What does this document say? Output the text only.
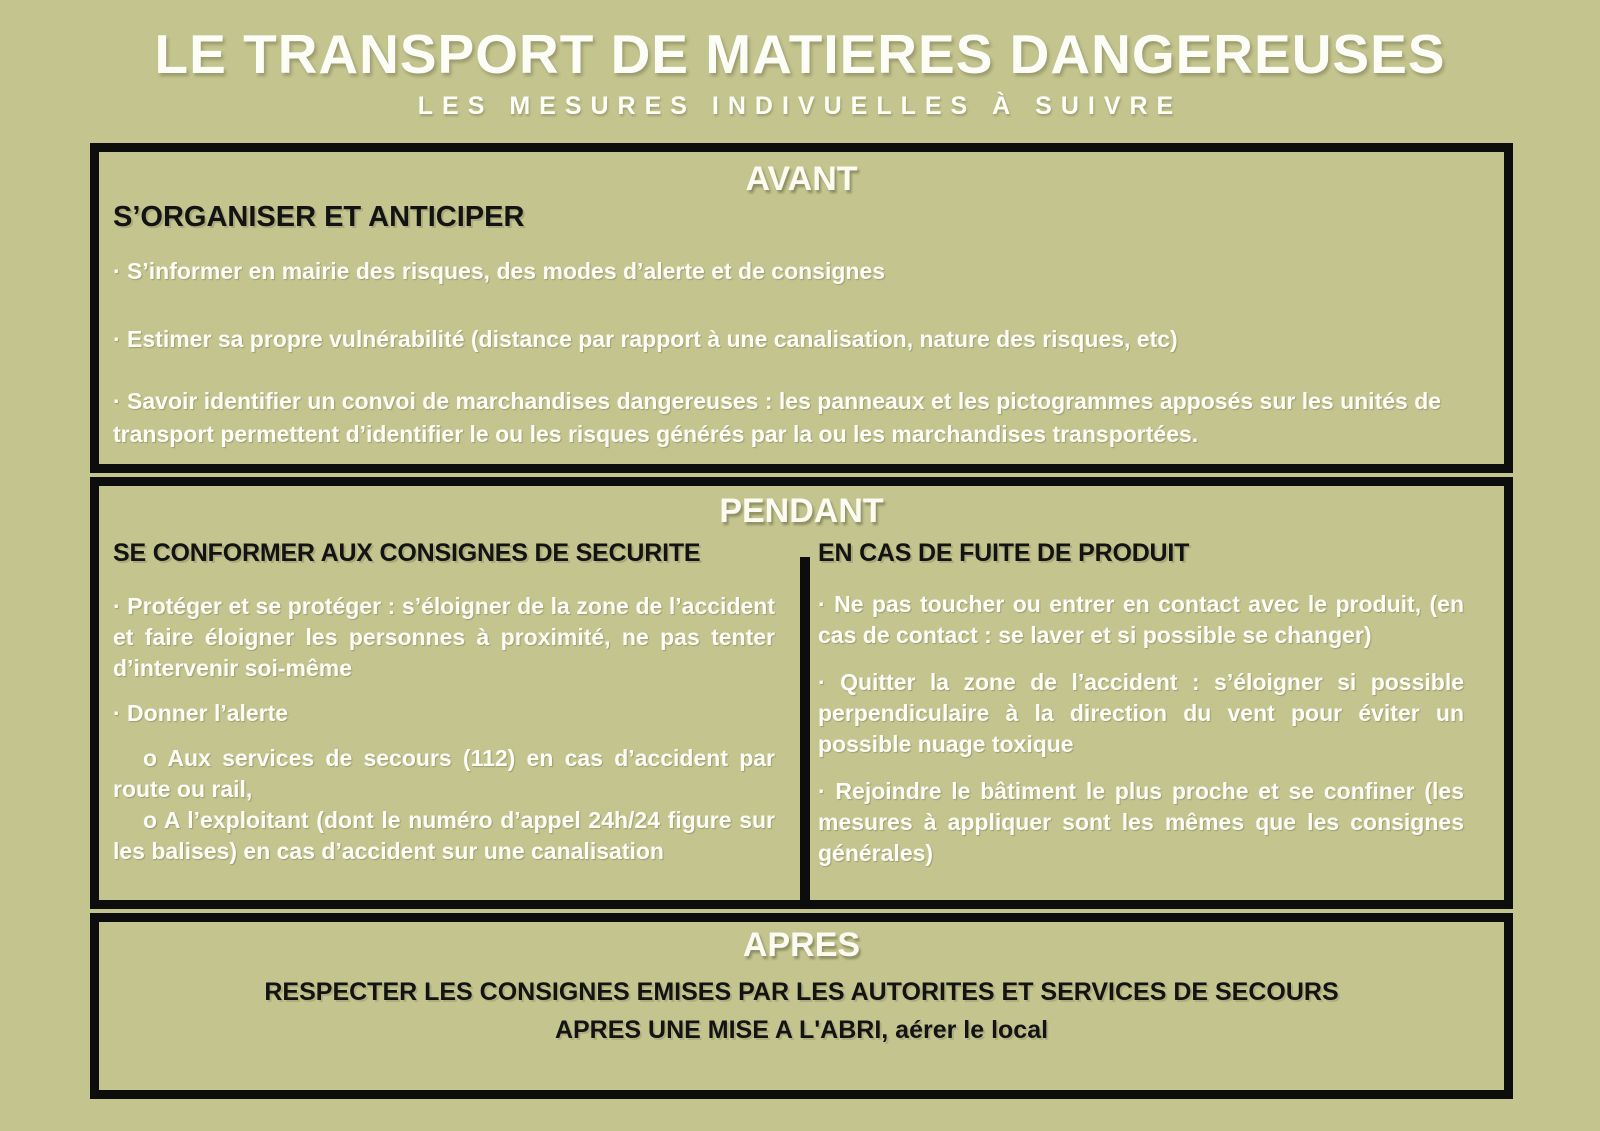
LE TRANSPORT DE MATIERES DANGEREUSES
LES MESURES INDIVUELLES À SUIVRE
AVANT
S’ORGANISER ET ANTICIPER

· S’informer en mairie des risques, des modes d’alerte et de consignes

· Estimer sa propre vulnérabilité (distance par rapport à une canalisation, nature des risques, etc)

· Savoir identifier un convoi de marchandises dangereuses : les panneaux et les pictogrammes apposés sur les unités de transport permettent d’identifier le ou les risques générés par la ou les marchandises transportées.

PENDANT
SE CONFORMER AUX CONSIGNES DE SECURITE

· Protéger et se protéger : s’éloigner de la zone de l’accident et faire éloigner les personnes à proximité, ne pas tenter d’intervenir soi-même

· Donner l’alerte

o Aux services de secours (112) en cas d’accident par route ou rail,

o A l’exploitant (dont le numéro d’appel 24h/24 figure sur les balises) en cas d’accident sur une canalisation

EN CAS DE FUITE DE PRODUIT

· Ne pas toucher ou entrer en contact avec le produit, (en cas de contact : se laver et si possible se changer)

· Quitter la zone de l’accident : s’éloigner si possible perpendiculaire à la direction du vent pour éviter un possible nuage toxique

· Rejoindre le bâtiment le plus proche et se confiner (les mesures à appliquer sont les mêmes que les consignes générales)

APRES

RESPECTER LES CONSIGNES EMISES PAR LES AUTORITES ET SERVICES DE SECOURS

APRES UNE MISE A L'ABRI, aérer le local
